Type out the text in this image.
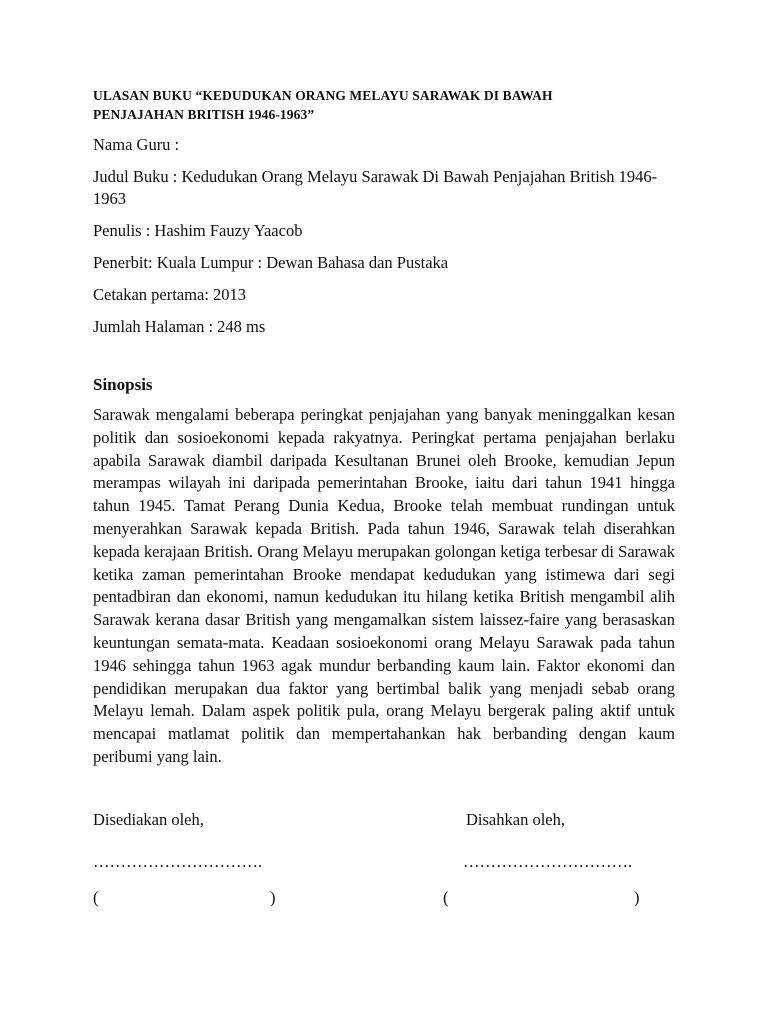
ULASAN BUKU “KEDUDUKAN ORANG MELAYU SARAWAK DI BAWAH
PENJAJAHAN BRITISH 1946-1963”

Nama Guru :

Judul Buku : Kedudukan Orang Melayu Sarawak Di Bawah Penjajahan British 1946-1963

Penulis : Hashim Fauzy Yaacob

Penerbit: Kuala Lumpur : Dewan Bahasa dan Pustaka

Cetakan pertama: 2013

Jumlah Halaman : 248 ms

Sinopsis

Sarawak mengalami beberapa peringkat penjajahan yang banyak meninggalkan kesan politik dan sosioekonomi kepada rakyatnya. Peringkat pertama penjajahan berlaku apabila Sarawak diambil daripada Kesultanan Brunei oleh Brooke, kemudian Jepun merampas wilayah ini daripada pemerintahan Brooke, iaitu dari tahun 1941 hingga tahun 1945. Tamat Perang Dunia Kedua, Brooke telah membuat rundingan untuk menyerahkan Sarawak kepada British. Pada tahun 1946, Sarawak telah diserahkan kepada kerajaan British. Orang Melayu merupakan golongan ketiga terbesar di Sarawak ketika zaman pemerintahan Brooke mendapat kedudukan yang istimewa dari segi pentadbiran dan ekonomi, namun kedudukan itu hilang ketika British mengambil alih Sarawak kerana dasar British yang mengamalkan sistem laissez-faire yang berasaskan keuntungan semata-mata. Keadaan sosioekonomi orang Melayu Sarawak pada tahun 1946 sehingga tahun 1963 agak mundur berbanding kaum lain. Faktor ekonomi dan pendidikan merupakan dua faktor yang bertimbal balik yang menjadi sebab orang Melayu lemah. Dalam aspek politik pula, orang Melayu bergerak paling aktif untuk mencapai matlamat politik dan mempertahankan hak berbanding dengan kaum peribumi yang lain.

Disediakan oleh,	Disahkan oleh,
………………………….	………………………….
(	)	(	)
